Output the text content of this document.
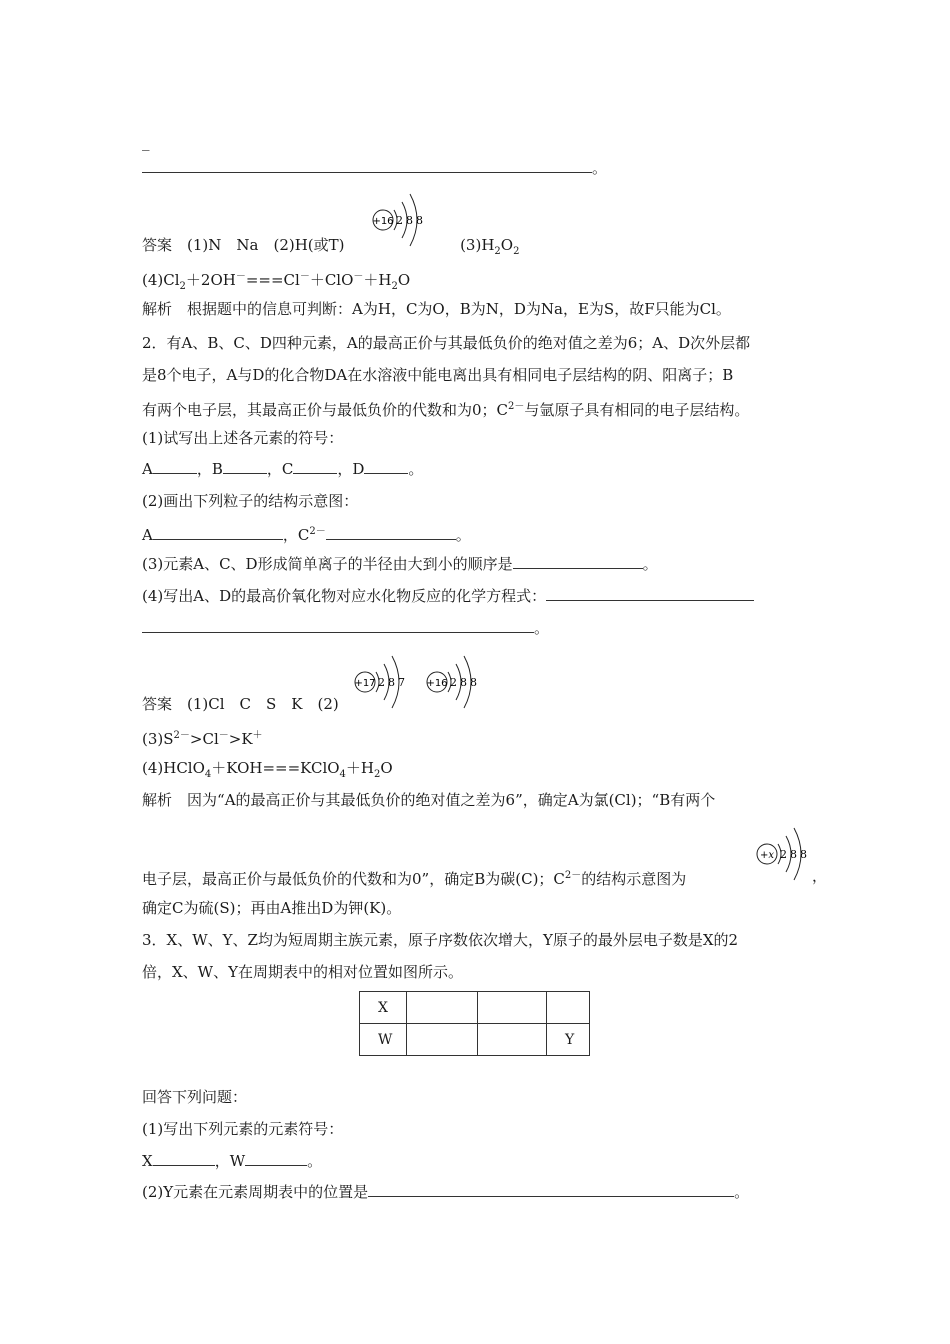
_
。
+16 2 8 8
答案　 (1)N　Na　(2)H(或T)	$(3)H_2O_2$
$(4)Cl_2+2OH^-===Cl^-+ClO^-+H_2O$
解析　 根据题中的信息可判断：A为H，C为O，B为N，D为Na，E为S，故F只能为Cl。
2．有A、B、C、D四种元素，A的最高正价与其最低负价的绝对值之差为6；A、D次外层都
是8个电子，A与D的化合物DA在水溶液中能电离出具有相同电子层结构的阴、阳离子；B
有两个电子层，其最高正价与最低负价的代数和为0；$C^{2-}$与氩原子具有相同的电子层结构。
(1)试写出上述各元素的符号：
A	，B	，C	，D	。
(2)画出下列粒子的结构示意图：
A	，$C^{2-}$	。
(3)元素A、C、D形成简单离子的半径由大到小的顺序是	。
(4)写出A、D的最高价氧化物对应水化物反应的化学方程式：
。
+17 2 8 7 +16 2 8 8
答案　 (1)Cl　C　S　K　(2)
$(3)S^{2-}>Cl^->K^+$
$(4)HClO_4+KOH===KClO_4+H_2O$
解析　 因为“A的最高正价与其最低负价的绝对值之差为6”，确定A为氯(Cl)；“B有两个
+x 2 8 8
电子层，最高正价与最低负价的代数和为0”，确定B为碳(C)；$C^{2-}$的结构示意图为	，
确定C为硫(S)；再由A推出D为钾(K)。
3．X、W、Y、Z均为短周期主族元素，原子序数依次增大，Y原子的最外层电子数是X的2
倍，X、W、Y在周期表中的相对位置如图所示。
X			
W			Y
回答下列问题：
(1)写出下列元素的元素符号：
X	，W	。
(2)Y元素在元素周期表中的位置是	。
